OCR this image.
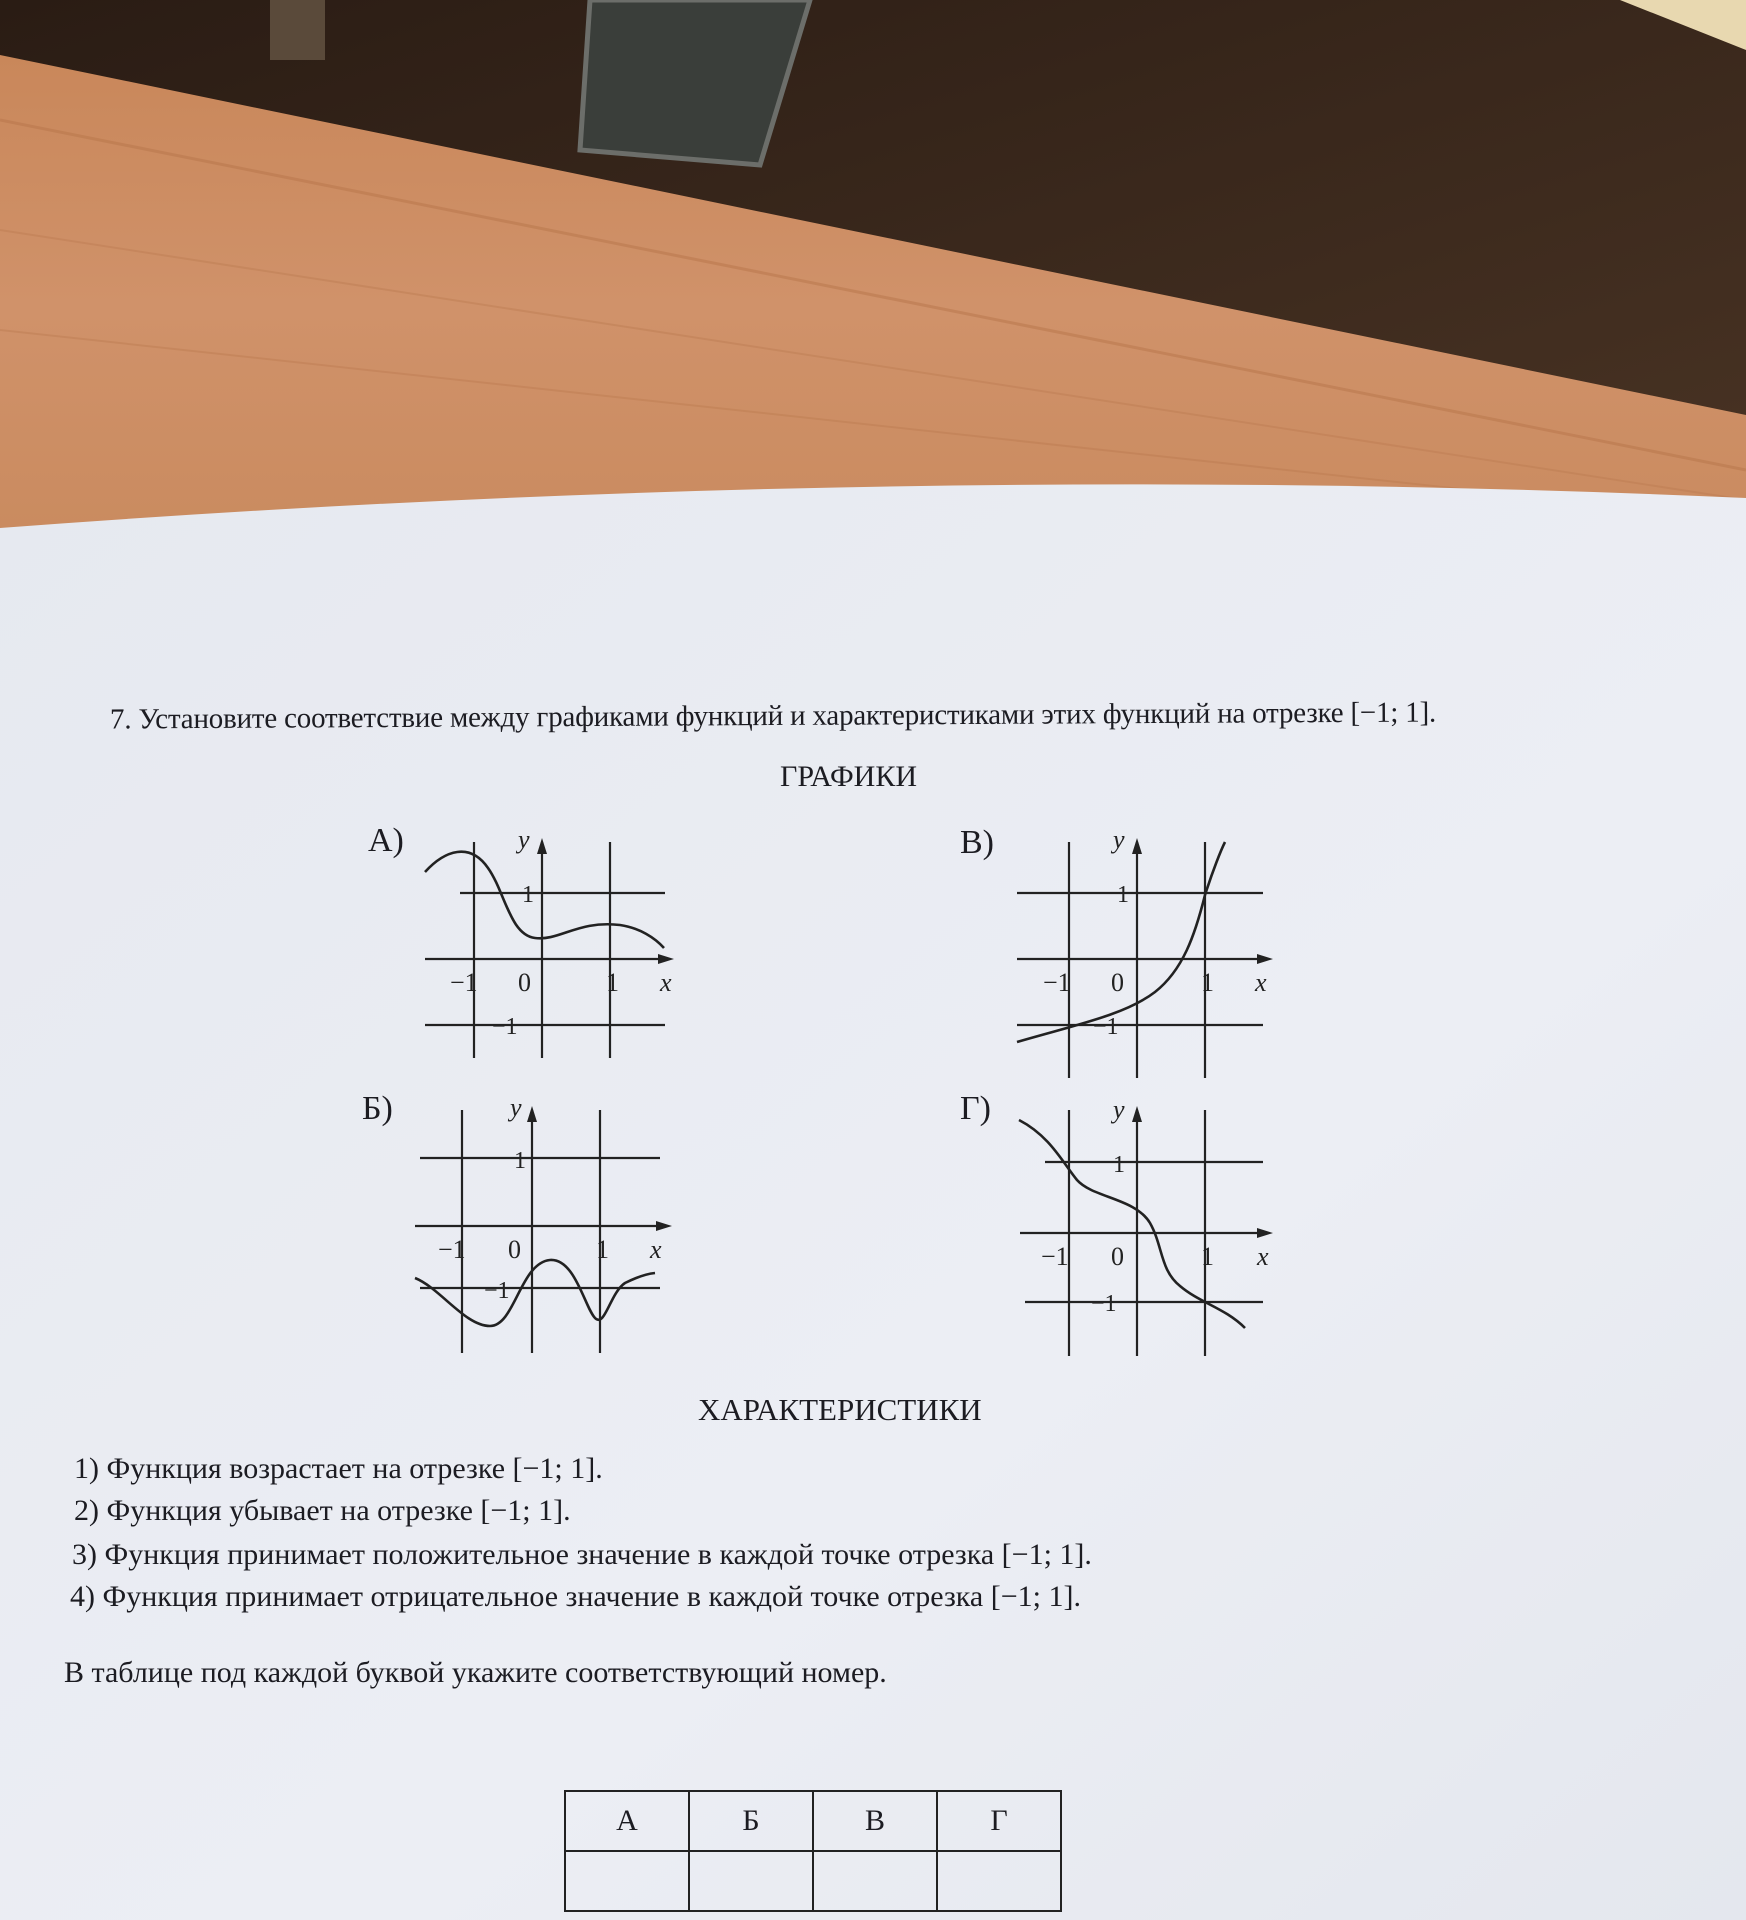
7. Установите соответствие между графиками функций и характеристиками этих функций на отрезке [−1; 1].
ГРАФИКИ
А)	y
1
−1 0	1 x
−1
В)	y
1
−1 0	1 x
−1
Б)	y
1
−1 0	1 x
−1
Г)	y
1
−1 0	1 x
−1
ХАРАКТЕРИСТИКИ
1) Функция возрастает на отрезке [−1; 1].
2) Функция убывает на отрезке [−1; 1].
3) Функция принимает положительное значение в каждой точке отрезка [−1; 1].
4) Функция принимает отрицательное значение в каждой точке отрезка [−1; 1].
В таблице под каждой буквой укажите соответствующий номер.
А	Б	В	Г
